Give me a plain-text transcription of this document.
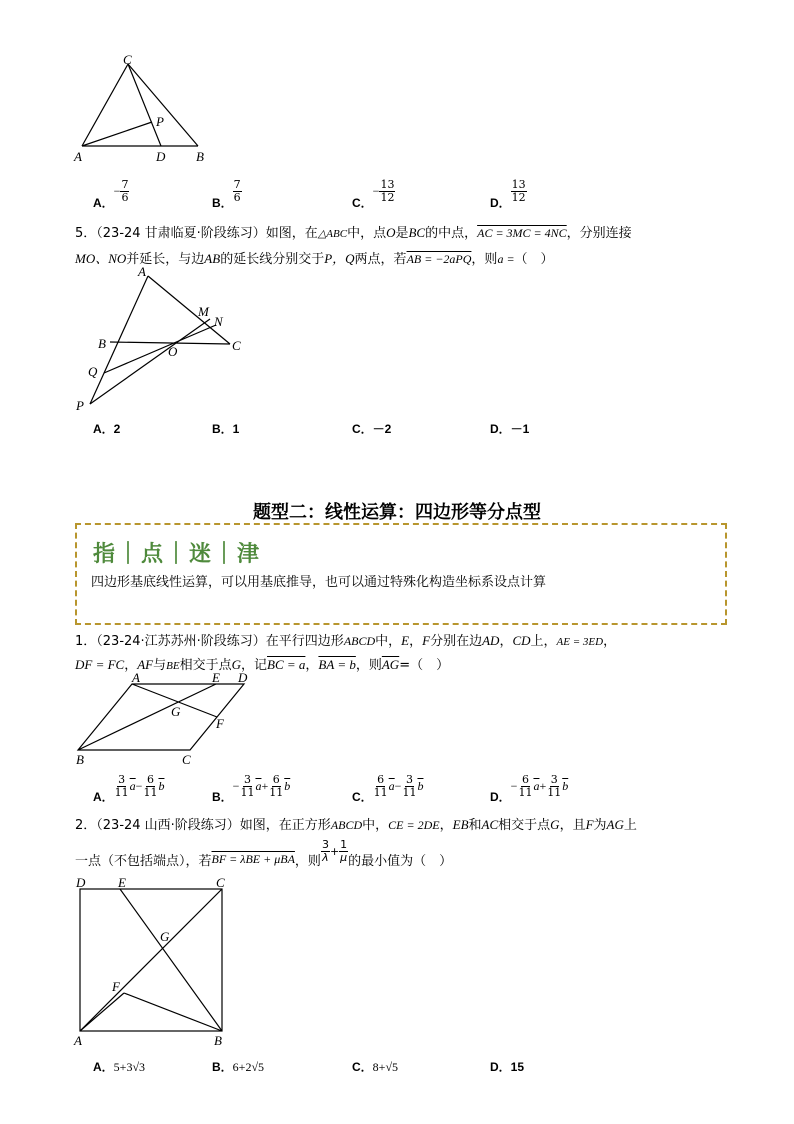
C
P
A	D B
A．
− $\frac{7}{6}$	B． $\frac{7}{6}$	C．
− $\frac{13}{12}$	D． $\frac{13}{12}$
5．（23-24 甘肃临夏·阶段练习）如图，在△ABC中，点O是BC的中点，AC = 3MC = 4NC，分别连接
MO、NO并延长，与边AB的延长线分别交于P，Q两点，若AB = −2aPQ，则a =（　）
A
M
N
B
O	C
Q
P
A．2	B．1	C．－2	D．－1
题型二：线性运算：四边形等分点型
指｜点｜迷｜津
四边形基底线性运算，可以用基底推导，也可以通过特殊化构造坐标系设点计算
1．（23-24·江苏苏州·阶段练习）在平行四边形ABCD中，E，F分别在边AD，CD上，AE = 3ED，
DF = FC，AF与BE相交于点G，记BC = a，BA = b，则$\overline{AG}=$（　）
A	E D
G
F
B	C
A． $\frac{3}{11} \overline{a} - \frac{6}{11} \overline{b}$
B．
− $\frac{3}{11} \overline{a} + \frac{6}{11} \overline{b}$
C． $\frac{6}{11} \overline{a} - \frac{3}{11} \overline{b}$
D．
− $\frac{6}{11} \overline{a} + \frac{3}{11} \overline{b}$
2．（23-24 山西·阶段练习）如图，在正方形ABCD中，CE = 2DE，EB和AC相交于点G，且F为AG上
一点（不包括端点），若 BF = λBE + μBA ，则 $\frac{3}{\lambda} + \frac{1}{\mu}$ 的最小值为（　）
D	E	C
G
F
A	B
A．5+3√3	B．6+2√5	C．8+√5	D．15
